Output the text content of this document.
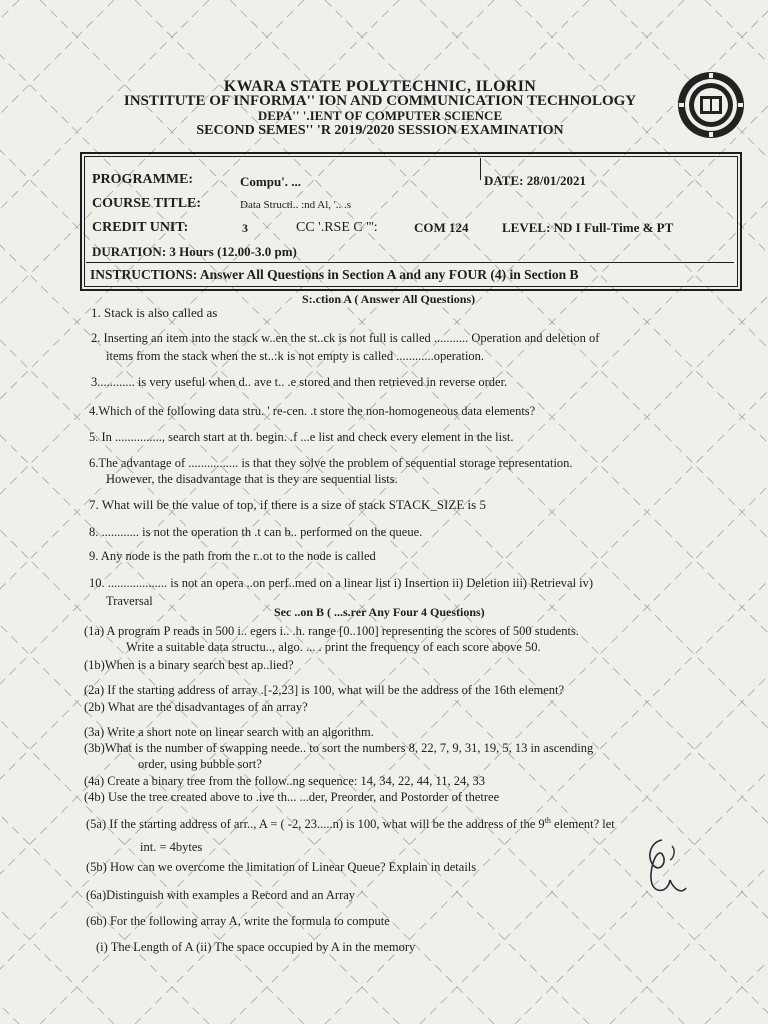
KWARA STATE POLYTECHNIC, ILORIN
INSTITUTE OF INFORMA'' ION AND COMMUNICATION TECHNOLOGY
DEPA'' '.IENT OF COMPUTER SCIENCE
SECOND SEMES'' 'R 2019/2020 SESSION EXAMINATION
PROGRAMME:	Compu'. ...	DATE: 28/01/2021
COURSE TITLE:	Data Structi.. :nd Al, '.. .s
CREDIT UNIT:	3	CC '.RSE C ''':	COM 124	LEVEL: ND I Full-Time & PT
DURATION: 3 Hours (12.00-3.0 pm)
INSTRUCTIONS: Answer All Questions in Section A and any FOUR (4) in Section B
S:.ction A ( Answer All Questions)
1. Stack is also called as
2. Inserting an item into the stack w..en the st..ck is not full is called ........... Operation and deletion of
items from the stack when the st..:k is not empty is called ............operation.
3............ is very useful when d.. ave t.. .e stored and then retrieved in reverse order.
4.Which of the following data stru. ' re-cen. .t store the non-homogeneous data elements?
5. In ..............., search start at th. begin. .f ...e list and check every element in the list.
6.The advantage of ................ is that they solve the problem of sequential storage representation.
However, the disadvantage that is they are sequential lists.
7. What will be the value of top, if there is a size of stack STACK_SIZE is 5
8. ............ is not the operation th .t can b.. performed on the queue.
9. Any node is the path from the r..ot to the node is called
10. ................... is not an opera ..on perf..med on a linear list i) Insertion ii) Deletion iii) Retrieval iv)
Traversal
Sec ..on B ( ...s.rer Any Four 4 Questions)
(1a) A program P reads in 500 i.. egers i.. .h. range [0..100] representing the scores of 500 students.
Write a suitable data structu.., algo. ... . print the frequency of each score above 50.
(1b)When is a binary search best ap..lied?
(2a) If the starting address of array .[-2,23] is 100, what will be the address of the 16th element?
(2b) What are the disadvantages of an array?
(3a) Write a short note on linear search with an algorithm.
(3b)What is the number of swapping neede.. to sort the numbers 8, 22, 7, 9, 31, 19, 5, 13 in ascending
order, using bubble sort?
(4a) Create a binary tree from the follow..ng sequence: 14, 34, 22, 44, 11, 24, 33
(4b) Use the tree created above to .ive th... ...der, Preorder, and Postorder of thetree
(5a) If the starting address of arr.., A = ( -2, 23.....n) is 100, what will be the address of the 9th element? let
int. = 4bytes
(5b) How can we overcome the limitation of Linear Queue? Explain in details
(6a)Distinguish with examples a Record and an Array
(6b) For the following array A, write the formula to compute
(i) The Length of A (ii) The space occupied by A in the memory
